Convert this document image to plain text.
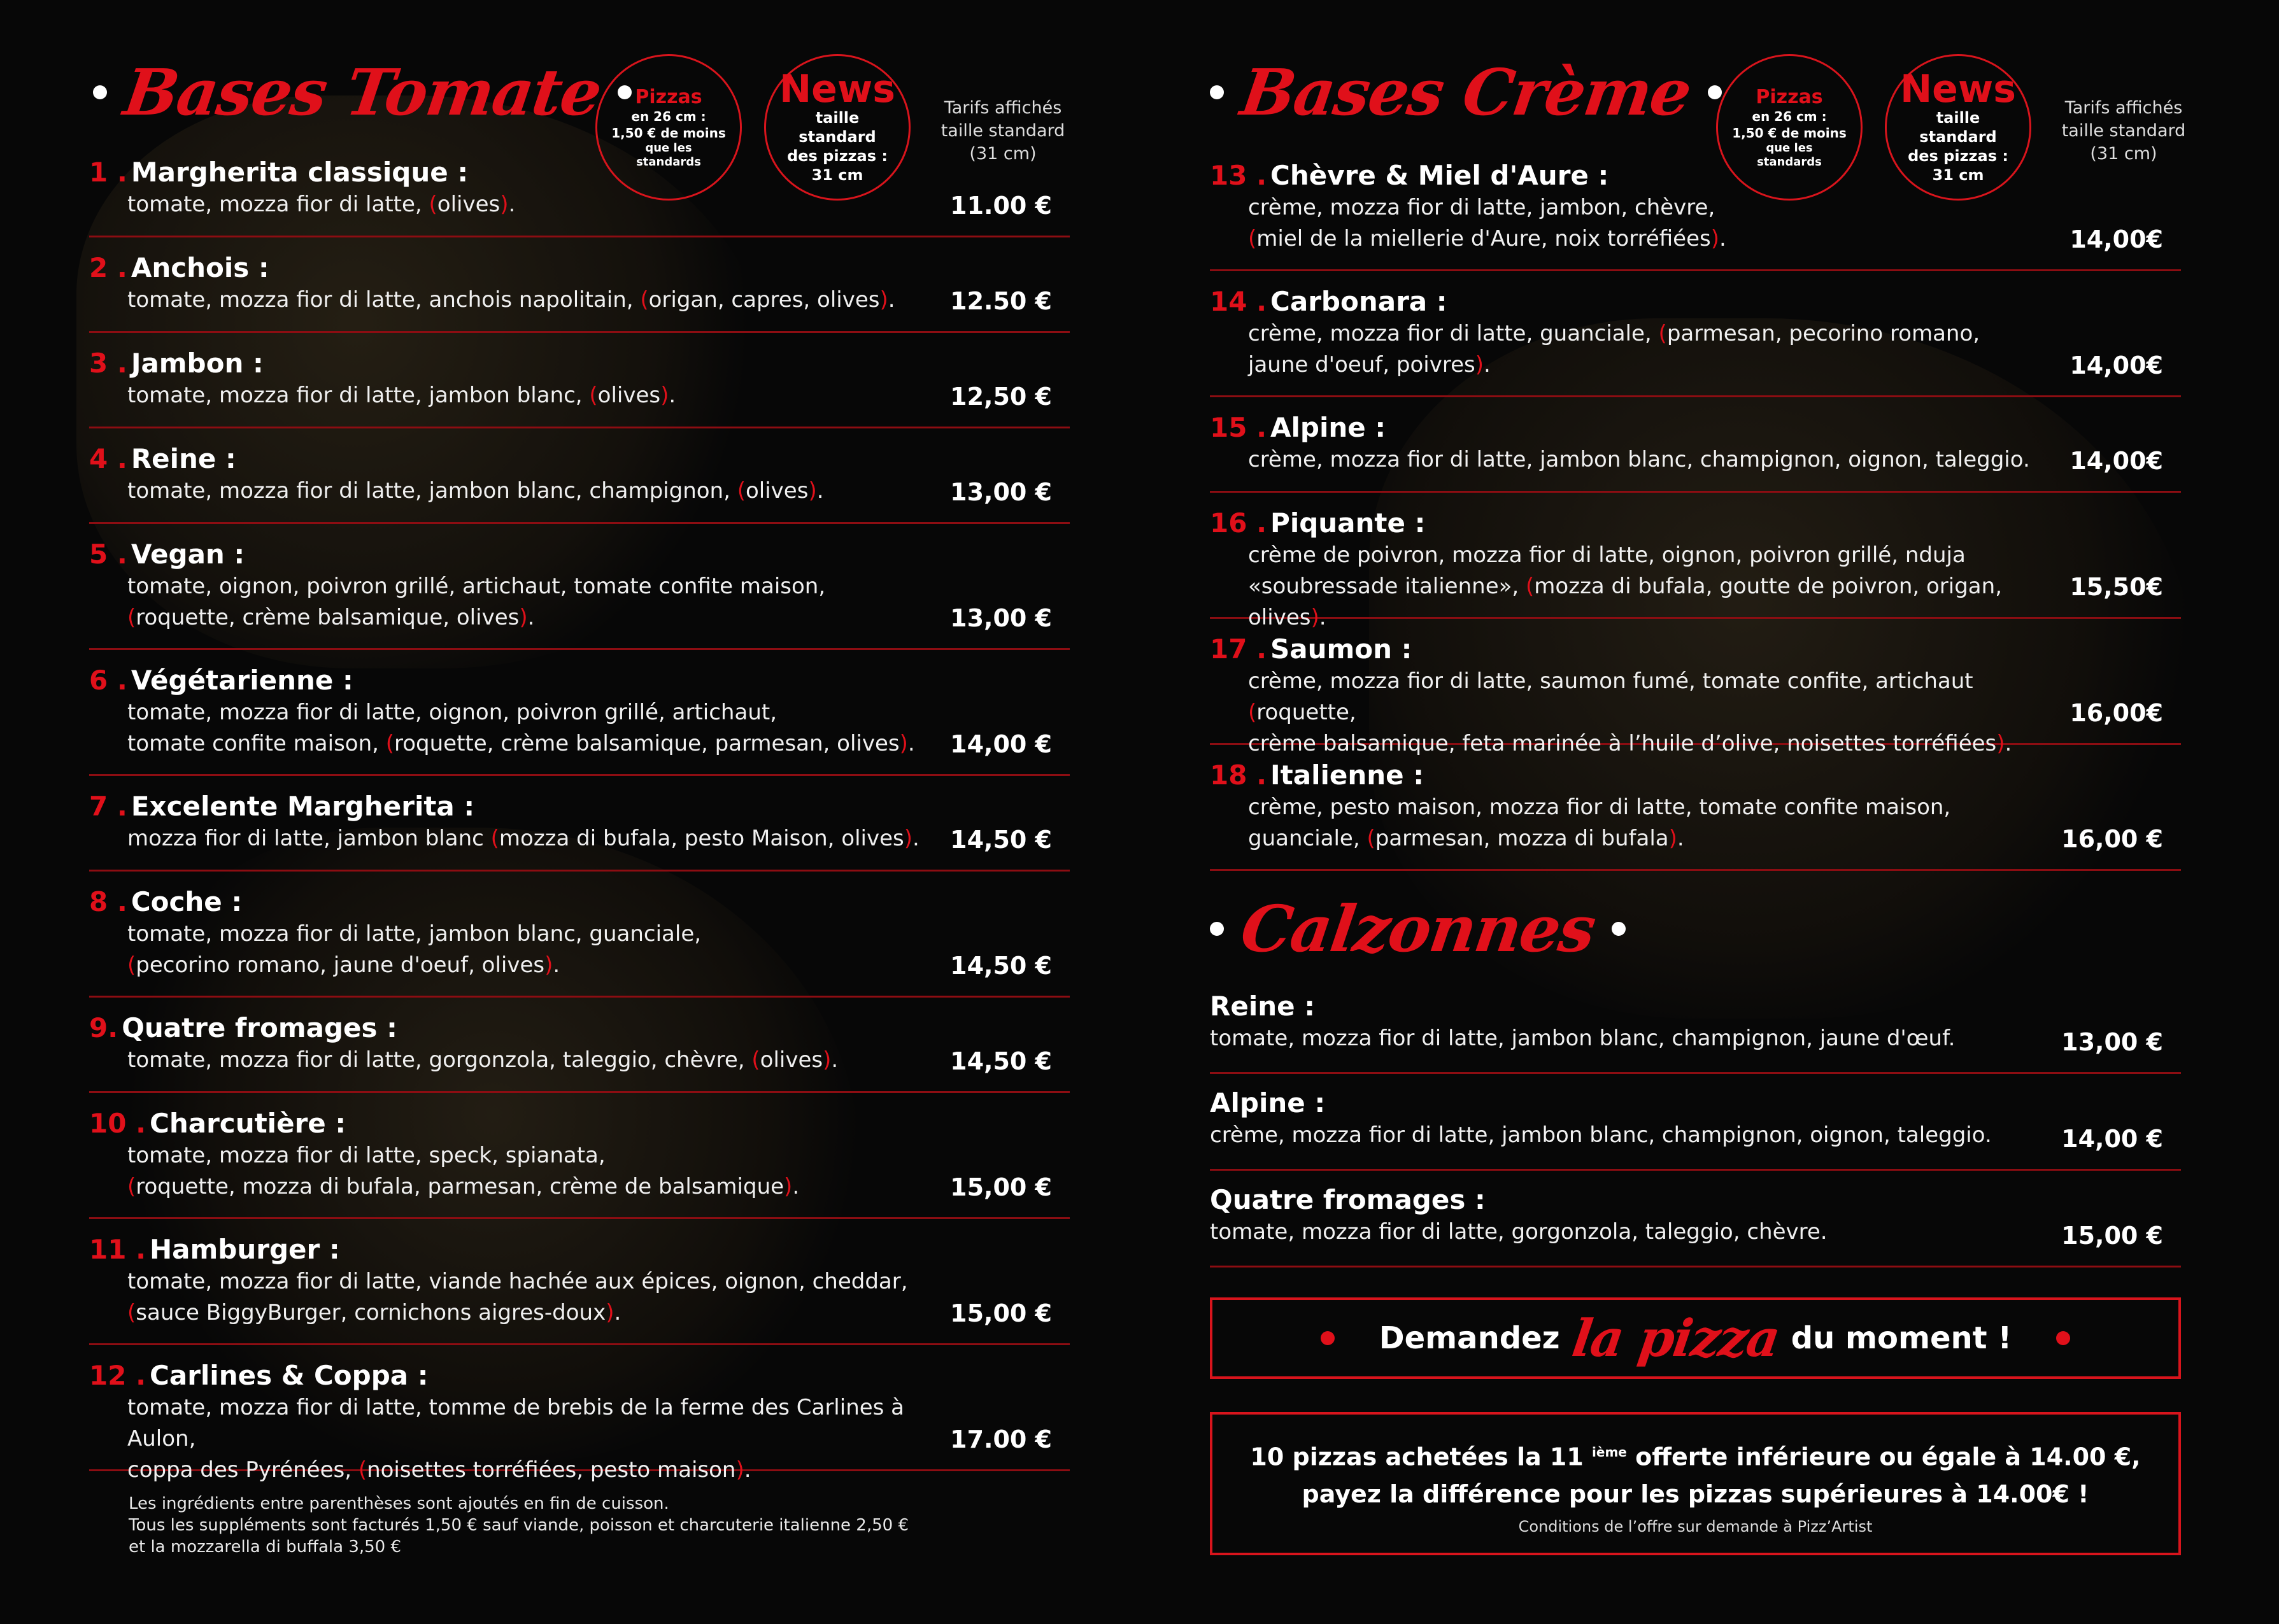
Bases Tomate Pizzas
en 26 cm :
1,50 € de moins
que les
standards
News
taille standard
des pizzas :
31 cm
Tarifs affichés
taille standard
(31 cm)
1 . Margherita classique :
tomate, mozza fior di latte, (olives).	11.00 €
2 . Anchois :
tomate, mozza fior di latte, anchois napolitain, (origan, capres, olives).	12.50 €
3 . Jambon :
tomate, mozza fior di latte, jambon blanc, (olives).	12,50 €
4 . Reine :
tomate, mozza fior di latte, jambon blanc, champignon, (olives).	13,00 €
5 . Vegan :
tomate, oignon, poivron grillé, artichaut, tomate confite maison,
(roquette, crème balsamique, olives).	13,00 €
6 . Végétarienne :
tomate, mozza fior di latte, oignon, poivron grillé, artichaut,
tomate confite maison, (roquette, crème balsamique, parmesan, olives).	14,00 €
7 . Excelente Margherita :
mozza fior di latte, jambon blanc (mozza di bufala, pesto Maison, olives).	14,50 €
8 . Coche :
tomate, mozza fior di latte, jambon blanc, guanciale,
(pecorino romano, jaune d'oeuf, olives).	14,50 €
9. Quatre fromages :
tomate, mozza fior di latte, gorgonzola, taleggio, chèvre, (olives).	14,50 €
10 . Charcutière :
tomate, mozza fior di latte, speck, spianata,
(roquette, mozza di bufala, parmesan, crème de balsamique).	15,00 €
11 . Hamburger :
tomate, mozza fior di latte, viande hachée aux épices, oignon, cheddar,
(sauce BiggyBurger, cornichons aigres-doux).	15,00 €
12 . Carlines & Coppa :
tomate, mozza fior di latte, tomme de brebis de la ferme des Carlines à Aulon,
coppa des Pyrénées, (noisettes torréfiées, pesto maison).
17.00 €
Les ingrédients entre parenthèses sont ajoutés en fin de cuisson.
Tous les suppléments sont facturés 1,50 € sauf viande, poisson et charcuterie italienne 2,50 €
et la mozzarella di buffala 3,50 €
Bases Crème	Pizzas
en 26 cm :
1,50 € de moins
que les
standards
News
taille standard
des pizzas :
31 cm
Tarifs affichés
taille standard
(31 cm)
13 . Chèvre & Miel d'Aure :
crème, mozza fior di latte, jambon, chèvre,
(miel de la miellerie d'Aure, noix torréfiées).	14,00€
14 . Carbonara :
crème, mozza fior di latte, guanciale, (parmesan, pecorino romano,
jaune d'oeuf, poivres).	14,00€
15 . Alpine :
crème, mozza fior di latte, jambon blanc, champignon, oignon, taleggio.	14,00€
16 . Piquante :
crème de poivron, mozza fior di latte, oignon, poivron grillé, nduja
«soubressade italienne», (mozza di bufala, goutte de poivron, origan, olives).
15,50€
17 . Saumon :
crème, mozza fior di latte, saumon fumé, tomate confite, artichaut (roquette,
crème balsamique, feta marinée à l’huile d’olive, noisettes torréfiées).
16,00€
18 . Italienne :
crème, pesto maison, mozza fior di latte, tomate confite maison,
guanciale, (parmesan, mozza di bufala).	16,00 €
Calzonnes
Reine :
tomate, mozza fior di latte, jambon blanc, champignon, jaune d'œuf.	13,00 €
Alpine :
crème, mozza fior di latte, jambon blanc, champignon, oignon, taleggio.	14,00 €
Quatre fromages :
tomate, mozza fior di latte, gorgonzola, taleggio, chèvre.	15,00 €
Demandez la pizza du moment !
10 pizzas achetées la 11 $^{ième}$ offerte inférieure ou égale à 14.00 €,
payez la différence pour les pizzas supérieures à 14.00€ !
Conditions de l’offre sur demande à Pizz’Artist
